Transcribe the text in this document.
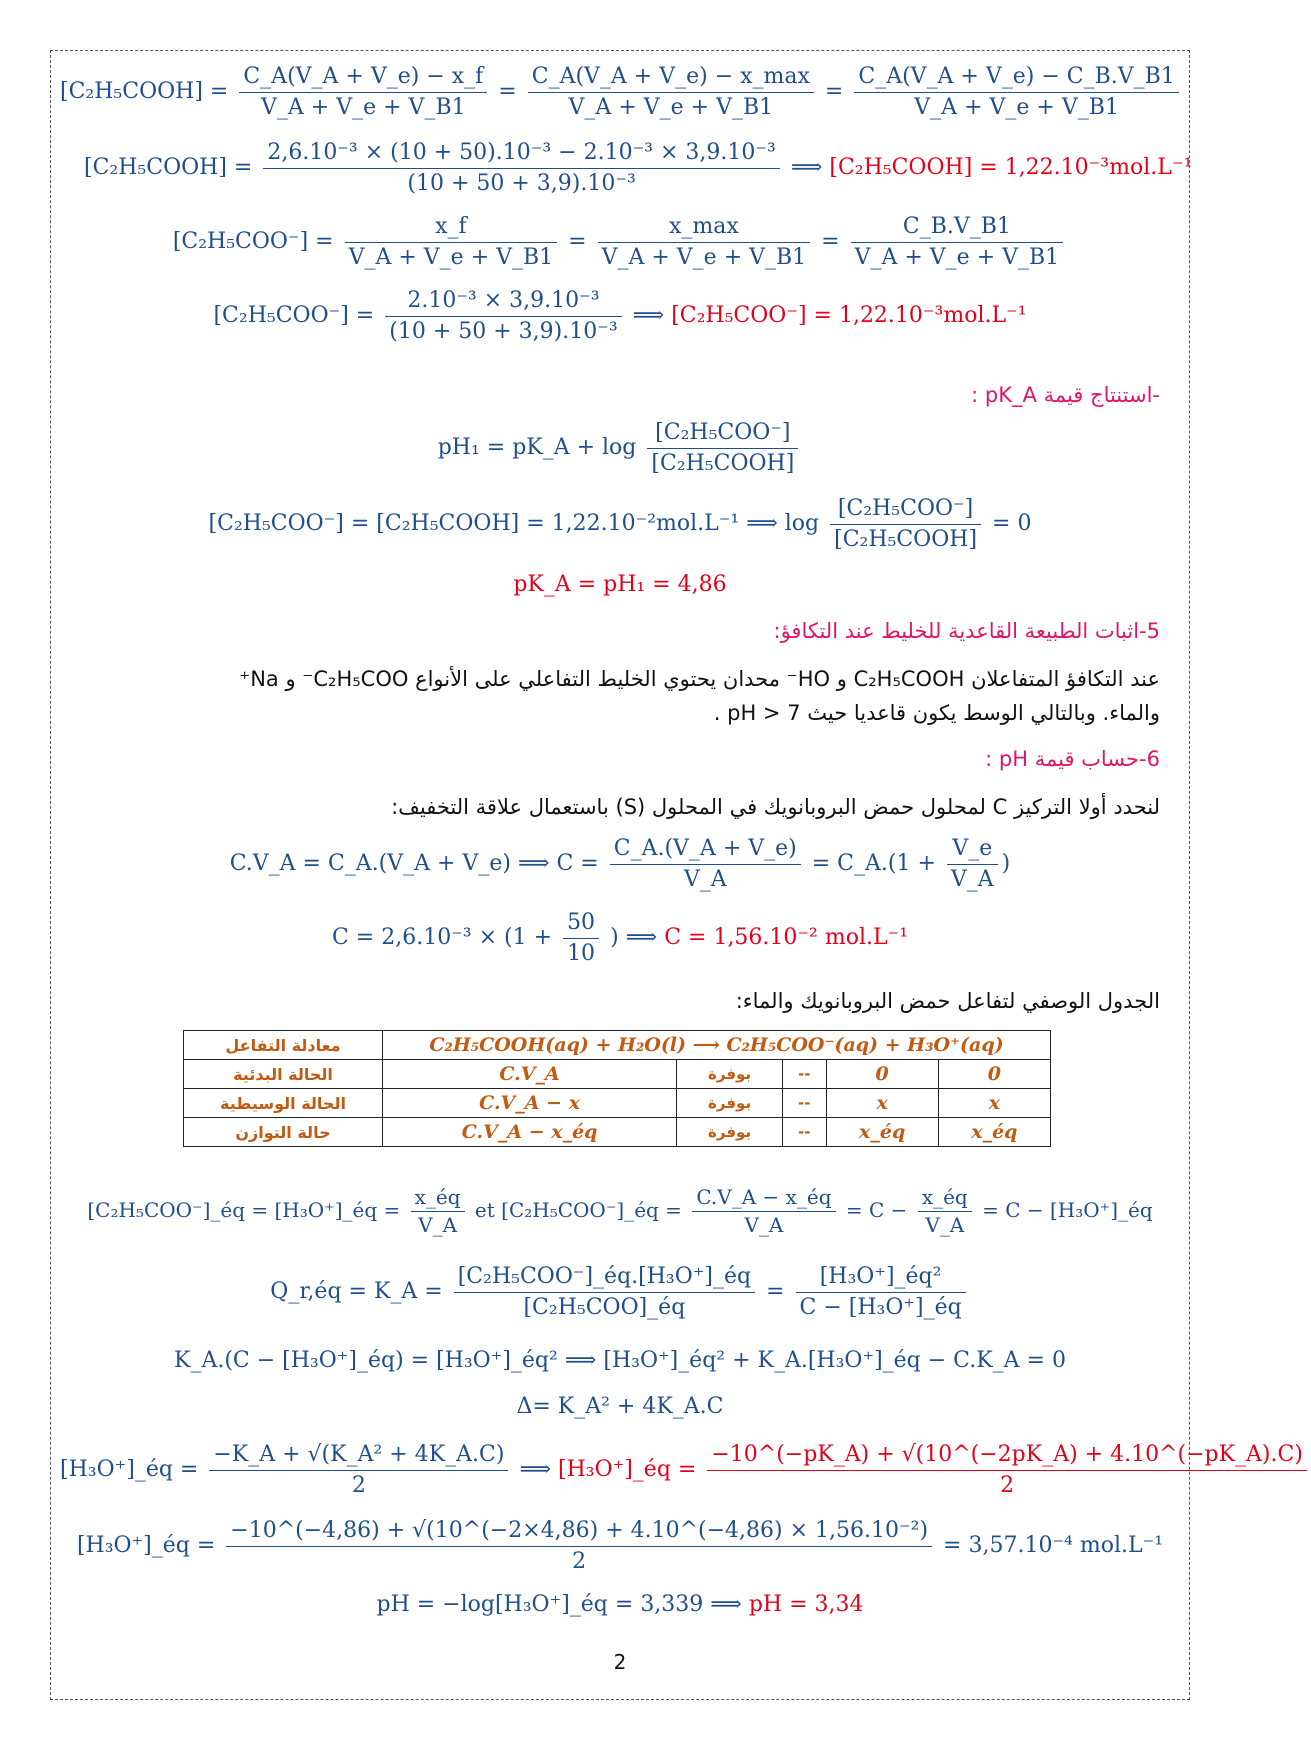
[C₂H₅COOH] = $\frac{C\_A(V\_A + V\_e) - x\_f}{V\_A + V\_e + V\_B1} = \frac{C\_A(V\_A + V\_e) - x\_\max}{V\_A + V\_e + V\_B1} = \frac{C\_A(V\_A + V\_e) - C\_B.V\_B1}{V\_A + V\_e + V\_B1}$
[C₂H₅COOH] = $\frac{\text{2,6.10⁻³ × (10 + 50).10⁻³ − 2.10⁻³ × 3,9.10⁻³}}{\text{(10 + 50 + 3,9).10⁻³}}$ ⟹ [C₂H₅COOH] = 1,22.10⁻³mol.L⁻¹
$[C_2H_5COO^-] = \frac{x\_f}{V\_A + V\_e + V\_B1} = \frac{x\_\max}{V\_A + V\_e + V\_B1} = \frac{C\_B.V\_B1}{V\_A + V\_e + V\_B1}$
$[C_2H_5COO^-] = \frac{\text{2.10⁻³ × 3,9.10⁻³}}{\text{(10 + 50 + 3,9).10⁻³}}$ ⟹ [C₂H₅COO⁻] = 1,22.10⁻³mol.L⁻¹
-استنتاج قيمة pK_A :
pH₁ = pK_A + $\log \frac{\text{[C₂H₅COO⁻]}}{\text{[C₂H₅COOH]}}$
[C₂H₅COO⁻] = [C₂H₅COOH] = 1,22.10⁻²mol.L⁻¹ ⟹ $\log \frac{\text{[C₂H₅COO⁻]}}{\text{[C₂H₅COOH]}} = 0$
pK_A = pH₁ = 4,86
5-اثبات الطبيعة القاعدية للخليط عند التكافؤ:
عند التكافؤ المتفاعلان C₂H₅COOH و HO⁻ محدان يحتوي الخليط التفاعلي على الأنواع C₂H₅COO⁻ و Na⁺
والماء. وبالتالي الوسط يكون قاعديا حيث pH > 7 .
6-حساب قيمة pH :
لنحدد أولا التركيز C لمحلول حمض البروبانويك في المحلول (S) باستعمال علاقة التخفيف:
C.V_A = C_A.(V_A + V_e) ⟹ $C = \frac{C\_A.(V\_A + V\_e)}{V\_A}$ = C_A.(1 + $\frac{V\_e}{V\_A}$ )
$C = 2,6.10^{-3} \times (1 + \frac{50}{10}$ ) ⟹ C = 1,56.10⁻² mol.L⁻¹
الجدول الوصفي لتفاعل حمض البروبانويك والماء:
معادلة التفاعل	C₂H₅COOH(aq) + H₂O(l) ⟶ C₂H₅COO⁻(aq) + H₃O⁺(aq)				
الحالة البدئية	C.V_A	بوفرة	--	0	0
الحالة الوسيطية	C.V_A − x	بوفرة	--	x	x
حالة التوازن	C.V_A − x_éq	بوفرة	--	x_éq	x_éq
[C₂H₅COO⁻]_éq = [H₃O⁺]_éq = $\frac{x\_éq}{V\_A}$ et [C₂H₅COO⁻]_éq = $\frac{C.V\_A - x\_éq}{V\_A} = C - \frac{x\_éq}{V\_A} = C$ − [H₃O⁺]_éq
Q_r,éq = K_A = $\frac{\text{[C₂H₅COO⁻]\_éq.[H₃O⁺]\_éq}}{\text{[C₂H₅COO]\_éq}} = \frac{\text{[H₃O⁺]\_éq²}}{\text{C − [H₃O⁺]\_éq}}$
K_A.(C − [H₃O⁺]_éq) = [H₃O⁺]_éq² ⟹ [H₃O⁺]_éq² + K_A.[H₃O⁺]_éq − C.K_A = 0
Δ= K_A² + 4K_A.C
[H₃O⁺]_éq = $\frac{\text{−K\_A + √(K\_A² + 4K\_A.C)}}{2}$ ⟹ [H₃O⁺]_éq = $\frac{-10\^{}(-pK\_A) + √(10\^{}(-2pK\_A) + 4.10\^{}(-pK\_A).C)}{2}$
[H₃O⁺]_éq = $\frac{\text{−10\textasciicircum{}(−4,86) + √(10\textasciicircum{}(−2×4,86) + 4.10\textasciicircum{}(−4,86) × 1,56.10⁻²)}}{2} = 3,57.10^{-4}$ mol.L⁻¹
pH = −log[H₃O⁺]_éq = 3,339 ⟹ pH = 3,34
2
